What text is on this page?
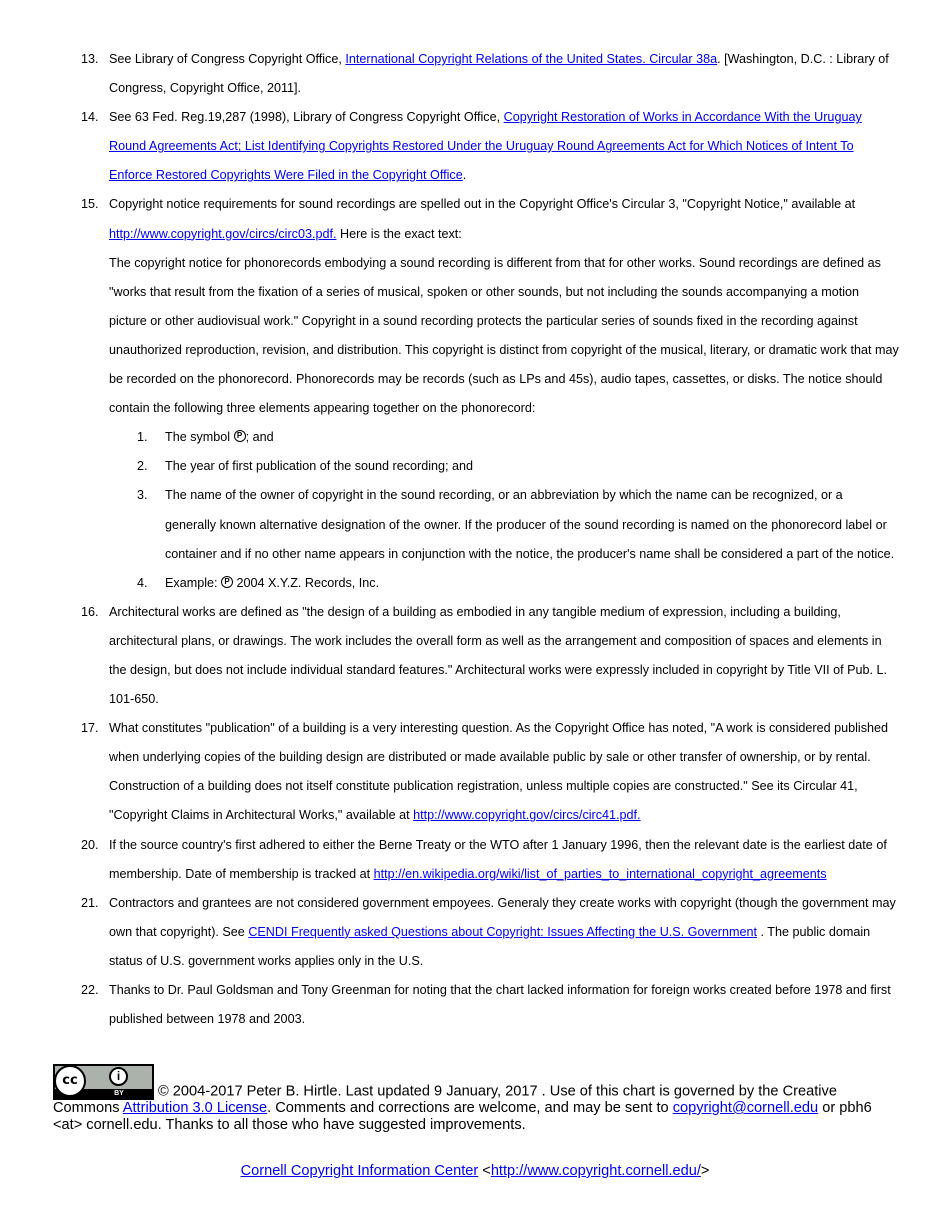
13. See Library of Congress Copyright Office, International Copyright Relations of the United States. Circular 38a. [Washington, D.C. : Library of Congress, Copyright Office, 2011].
14. See 63 Fed. Reg.19,287 (1998), Library of Congress Copyright Office, Copyright Restoration of Works in Accordance With the Uruguay Round Agreements Act; List Identifying Copyrights Restored Under the Uruguay Round Agreements Act for Which Notices of Intent To Enforce Restored Copyrights Were Filed in the Copyright Office.
15. Copyright notice requirements for sound recordings are spelled out in the Copyright Office's Circular 3, "Copyright Notice," available at http://www.copyright.gov/circs/circ03.pdf. Here is the exact text:
The copyright notice for phonorecords embodying a sound recording is different from that for other works. Sound recordings are defined as "works that result from the fixation of a series of musical, spoken or other sounds, but not including the sounds accompanying a motion picture or other audiovisual work." Copyright in a sound recording protects the particular series of sounds fixed in the recording against unauthorized reproduction, revision, and distribution. This copyright is distinct from copyright of the musical, literary, or dramatic work that may be recorded on the phonorecord. Phonorecords may be records (such as LPs and 45s), audio tapes, cassettes, or disks. The notice should contain the following three elements appearing together on the phonorecord:
1. The symbol P ; and
2. The year of first publication of the sound recording; and
3. The name of the owner of copyright in the sound recording, or an abbreviation by which the name can be recognized, or a generally known alternative designation of the owner. If the producer of the sound recording is named on the phonorecord label or container and if no other name appears in conjunction with the notice, the producer's name shall be considered a part of the notice.
4. Example: P 2004 X.Y.Z. Records, Inc.
16. Architectural works are defined as "the design of a building as embodied in any tangible medium of expression, including a building, architectural plans, or drawings. The work includes the overall form as well as the arrangement and composition of spaces and elements in the design, but does not include individual standard features." Architectural works were expressly included in copyright by Title VII of Pub. L. 101-650.
17. What constitutes "publication" of a building is a very interesting question. As the Copyright Office has noted, "A work is considered published when underlying copies of the building design are distributed or made available public by sale or other transfer of ownership, or by rental. Construction of a building does not itself constitute publication registration, unless multiple copies are constructed." See its Circular 41, "Copyright Claims in Architectural Works," available at http://www.copyright.gov/circs/circ41.pdf.
20. If the source country's first adhered to either the Berne Treaty or the WTO after 1 January 1996, then the relevant date is the earliest date of membership. Date of membership is tracked at http://en.wikipedia.org/wiki/list_of_parties_to_international_copyright_agreements
21. Contractors and grantees are not considered government empoyees. Generaly they create works with copyright (though the government may own that copyright). See CENDI Frequently asked Questions about Copyright: Issues Affecting the U.S. Government . The public domain status of U.S. government works applies only in the U.S.
22. Thanks to Dr. Paul Goldsman and Tony Greenman for noting that the chart lacked information for foreign works created before 1978 and first published between 1978 and 2003.
cc	i
BY	© 2004-2017 Peter B. Hirtle. Last updated 9 January, 2017 . Use of this chart is governed by the Creative Commons Attribution 3.0 License. Comments and corrections are welcome, and may be sent to copyright@cornell.edu or pbh6 <at> cornell.edu. Thanks to all those who have suggested improvements.
Cornell Copyright Information Center <http://www.copyright.cornell.edu/>
